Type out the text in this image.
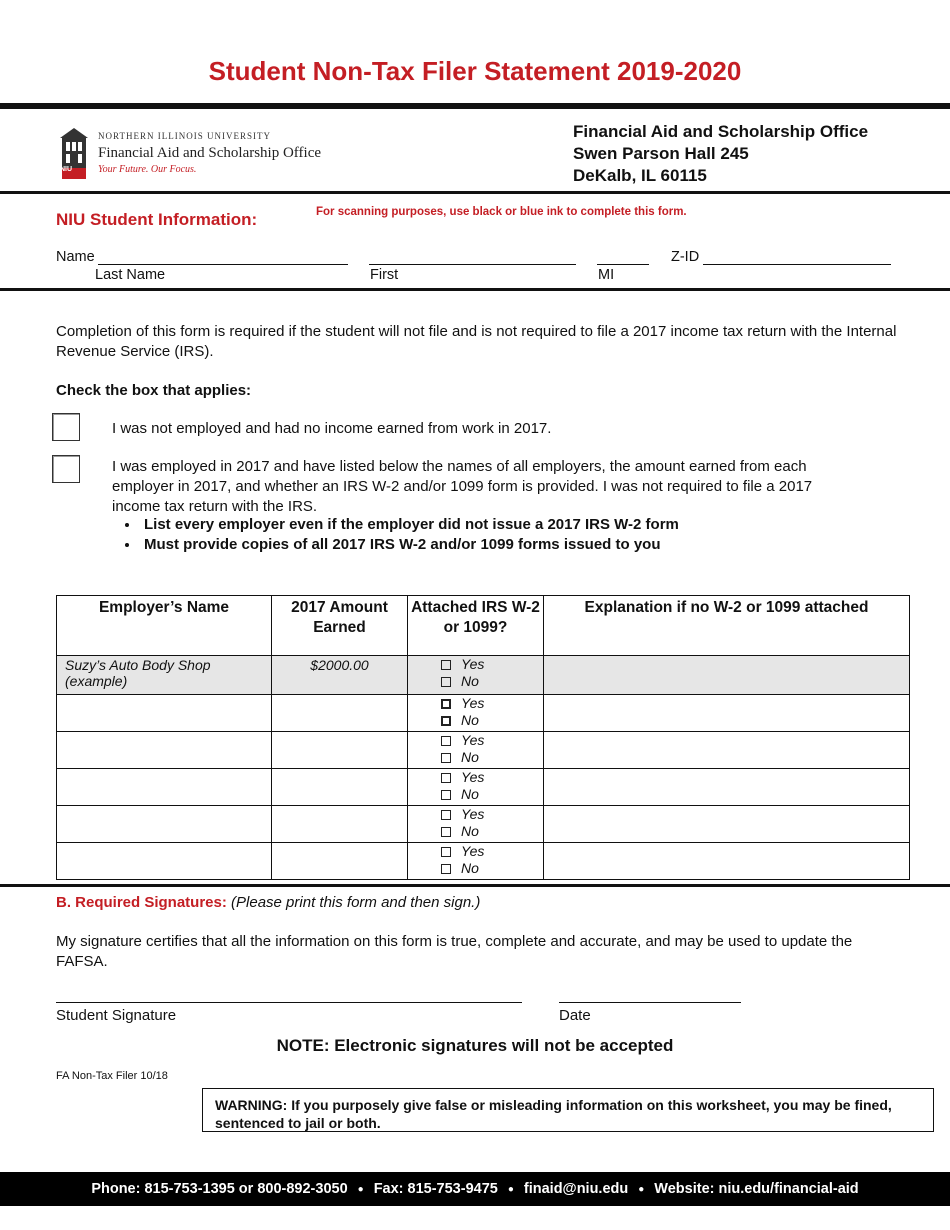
Student Non-Tax Filer Statement 2019-2020
NIU
NORTHERN ILLINOIS UNIVERSITY
Financial Aid and Scholarship Office
Your Future. Our Focus.
Financial Aid and Scholarship Office
Swen Parson Hall 245
DeKalb, IL 60115
NIU Student Information:	For scanning purposes, use black or blue ink to complete this form.
Name	Z-ID
Last Name	First	MI
Completion of this form is required if the student will not file and is not required to file a 2017 income tax return with the Internal Revenue Service (IRS).
Check the box that applies:
I was not employed and had no income earned from work in 2017.
I was employed in 2017 and have listed below the names of all employers, the amount earned from each employer in 2017, and whether an IRS W-2 and/or 1099 form is provided. I was not required to file a 2017 income tax return with the IRS.
• List every employer even if the employer did not issue a 2017 IRS W-2 form
• Must provide copies of all 2017 IRS W-2 and/or 1099 forms issued to you
Employer’s Name	2017 Amount Earned	Attached IRS W-2 or 1099?	Explanation if no W-2 or 1099 attached
Suzy’s Auto Body Shop (example)	$2000.00	Yes
No	

		Yes
No	

		Yes
No	

		Yes
No	

		Yes
No	

		Yes
No	

B. Required Signatures: (Please print this form and then sign.)
My signature certifies that all the information on this form is true, complete and accurate, and may be used to update the FAFSA.
Student Signature	Date
NOTE: Electronic signatures will not be accepted
FA Non-Tax Filer 10/18
WARNING: If you purposely give false or misleading information on this worksheet, you may be fined, sentenced to jail or both.
Phone: 815-753-1395 or 800-892-3050 ● Fax: 815-753-9475 ● finaid@niu.edu ● Website: niu.edu/financial-aid
